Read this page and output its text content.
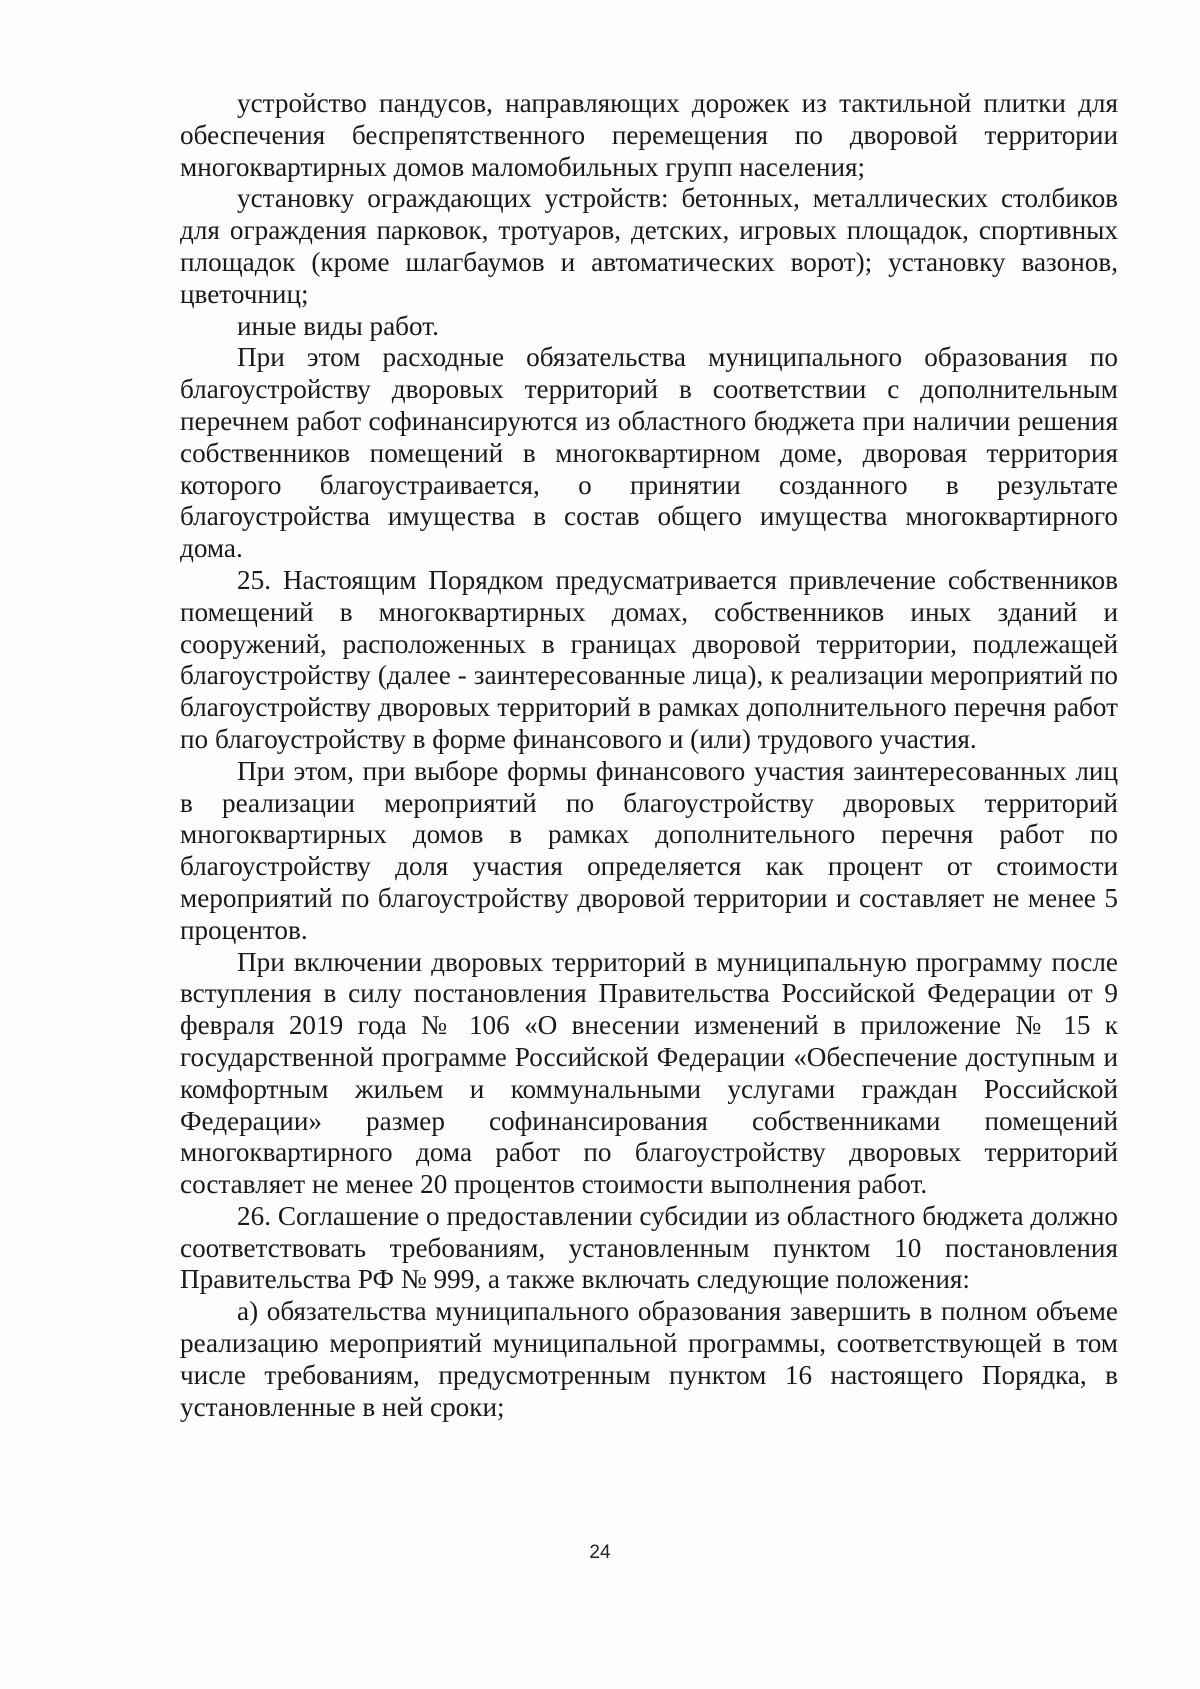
устройство пандусов, направляющих дорожек из тактильной плитки для обеспечения беспрепятственного перемещения по дворовой территории многоквартирных домов маломобильных групп населения;

установку ограждающих устройств: бетонных, металлических столбиков для ограждения парковок, тротуаров, детских, игровых площадок, спортивных площадок (кроме шлагбаумов и автоматических ворот); установку вазонов, цветочниц;

иные виды работ.

При этом расходные обязательства муниципального образования по благоустройству дворовых территорий в соответствии с дополнительным перечнем работ софинансируются из областного бюджета при наличии решения собственников помещений в многоквартирном доме, дворовая территория которого благоустраивается, о принятии созданного в результате благоустройства имущества в состав общего имущества многоквартирного дома.

25. Настоящим Порядком предусматривается привлечение собственников помещений в многоквартирных домах, собственников иных зданий и сооружений, расположенных в границах дворовой территории, подлежащей благоустройству (далее - заинтересованные лица), к реализации мероприятий по благоустройству дворовых территорий в рамках дополнительного перечня работ по благоустройству в форме финансового и (или) трудового участия.

При этом, при выборе формы финансового участия заинтересованных лиц в реализации мероприятий по благоустройству дворовых территорий многоквартирных домов в рамках дополнительного перечня работ по благоустройству доля участия определяется как процент от стоимости мероприятий по благоустройству дворовой территории и составляет не менее 5 процентов.

При включении дворовых территорий в муниципальную программу после вступления в силу постановления Правительства Российской Федерации от 9 февраля 2019 года № 106 «О внесении изменений в приложение № 15 к государственной программе Российской Федерации «Обеспечение доступным и комфортным жильем и коммунальными услугами граждан Российской Федерации» размер софинансирования собственниками помещений многоквартирного дома работ по благоустройству дворовых территорий составляет не менее 20 процентов стоимости выполнения работ.

26. Соглашение о предоставлении субсидии из областного бюджета должно соответствовать требованиям, установленным пунктом 10 постановления Правительства РФ № 999, а также включать следующие положения:

а) обязательства муниципального образования завершить в полном объеме реализацию мероприятий муниципальной программы, соответствующей в том числе требованиям, предусмотренным пунктом 16 настоящего Порядка, в установленные в ней сроки;

24
